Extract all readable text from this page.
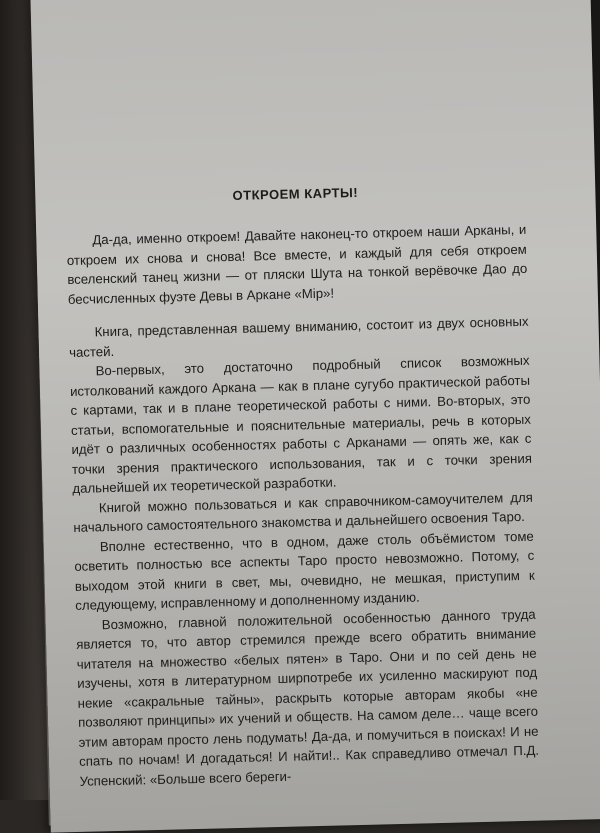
ОТКРОЕМ КАРТЫ!

Да-да, именно откроем! Давайте наконец-то откроем наши Арканы, и откроем их снова и снова! Все вместе, и каждый для себя откроем вселенский танец жизни — от пляски Шута на тонкой верёвочке Дао до бесчисленных фуэте Девы в Аркане «Мір»!

Книга, представленная вашему вниманию, состоит из двух основных частей.

Во-первых, это достаточно подробный список возможных истолкований каждого Аркана — как в плане сугубо практической работы с картами, так и в плане теоретической работы с ними. Во-вторых, это статьи, вспомогательные и пояснительные материалы, речь в которых идёт о различных особенностях работы с Арканами — опять же, как с точки зрения практического использования, так и с точки зрения дальнейшей их теоретической разработки.

Книгой можно пользоваться и как справочником-самоучителем для начального самостоятельного знакомства и дальнейшего освоения Таро.

Вполне естественно, что в одном, даже столь объёмистом томе осветить полностью все аспекты Таро просто невозможно. Потому, с выходом этой книги в свет, мы, очевидно, не мешкая, приступим к следующему, исправленному и дополненному изданию.

Возможно, главной положительной особенностью данного труда является то, что автор стремился прежде всего обратить внимание читателя на множество «белых пятен» в Таро. Они и по сей день не изучены, хотя в литературном ширпотребе их усиленно маскируют под некие «сакральные тайны», раскрыть которые авторам якобы «не позволяют принципы» их учений и обществ. На самом деле… чаще всего этим авторам просто лень подумать! Да-да, и помучиться в поисках! И не спать по ночам! И догадаться! И найти!.. Как справедливо отмечал П.Д. Успенский: «Больше всего береги-
